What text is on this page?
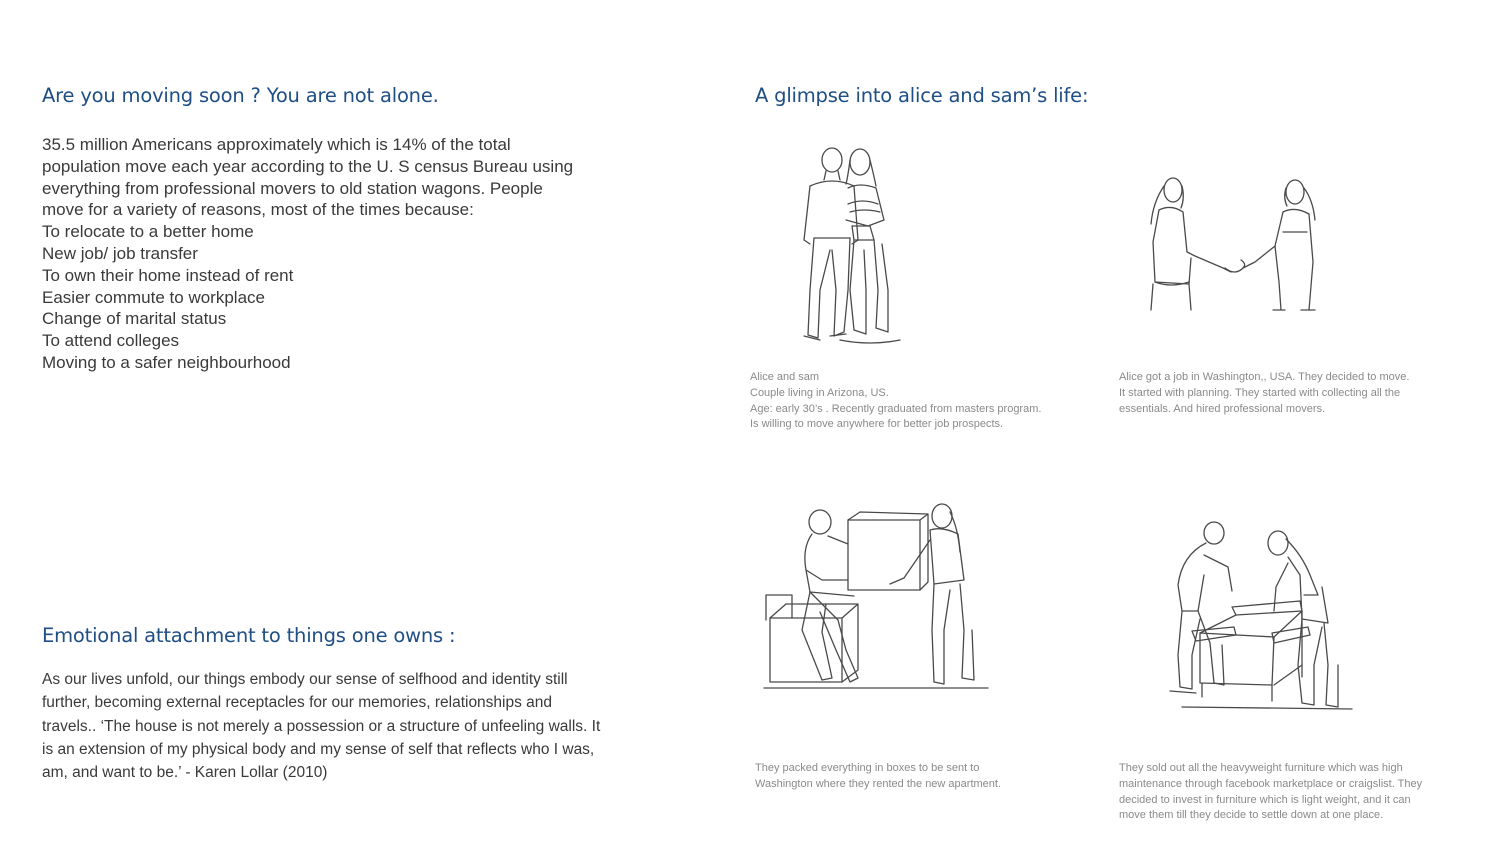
Are you moving soon ? You are not alone.
35.5 million Americans approximately which is 14% of the total
population move each year according to the U. S census Bureau using
everything from professional movers to old station wagons. People
move for a variety of reasons, most of the times because:
To relocate to a better home
New job/ job transfer
To own their home instead of rent
Easier commute to workplace
Change of marital status
To attend colleges
Moving to a safer neighbourhood
Emotional attachment to things one owns :
As our lives unfold, our things embody our sense of selfhood and identity still
further, becoming external receptacles for our memories, relationships and
travels.. ‘The house is not merely a possession or a structure of unfeeling walls. It
is an extension of my physical body and my sense of self that reflects who I was,
am, and want to be.’ - Karen Lollar (2010)
A glimpse into alice and sam’s life:
Alice and sam
Couple living in Arizona, US.
Age: early 30’s . Recently graduated from masters program.
Is willing to move anywhere for better job prospects.
Alice got a job in Washington,, USA. They decided to move.
It started with planning. They started with collecting all the
essentials. And hired professional movers.
They packed everything in boxes to be sent to
Washington where they rented the new apartment.
They sold out all the heavyweight furniture which was high
maintenance through facebook marketplace or craigslist. They
decided to invest in furniture which is light weight, and it can
move them till they decide to settle down at one place.
